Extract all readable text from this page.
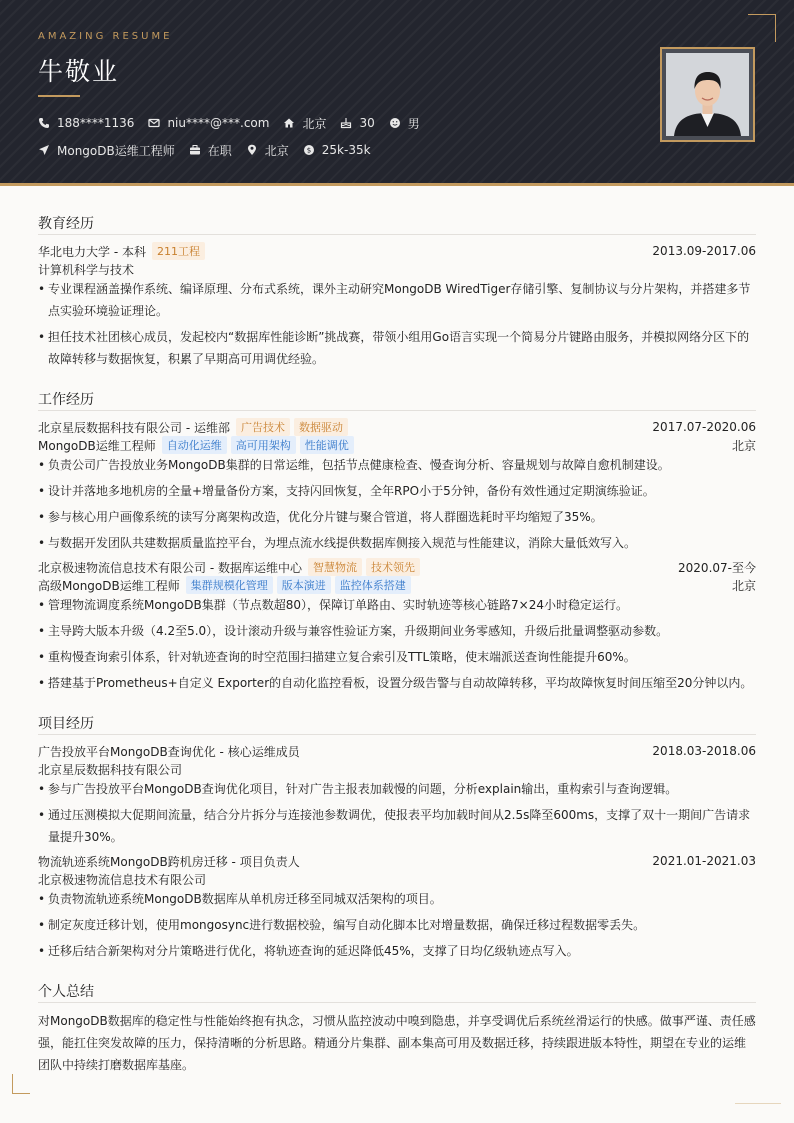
AMAZING RESUME
牛敬业
188****1136	niu****@***.com	北京	30	男
MongoDB运维工程师	在职	北京	$ 25k-35k
教育经历
华北电力大学 - 本科	211工程	2013.09-2017.06
计算机科学与技术
• 专业课程涵盖操作系统、编译原理、分布式系统，课外主动研究MongoDB WiredTiger存储引擎、复制协议与分片架构，并搭建多节点实验环境验证理论。
• 担任技术社团核心成员，发起校内“数据库性能诊断”挑战赛，带领小组用Go语言实现一个简易分片键路由服务，并模拟网络分区下的故障转移与数据恢复，积累了早期高可用调优经验。
工作经历
北京星辰数据科技有限公司 - 运维部	广告技术	数据驱动	2017.07-2020.06
MongoDB运维工程师	自动化运维	高可用架构	性能调优	北京
• 负责公司广告投放业务MongoDB集群的日常运维，包括节点健康检查、慢查询分析、容量规划与故障自愈机制建设。
• 设计并落地多地机房的全量+增量备份方案，支持闪回恢复，全年RPO小于5分钟，备份有效性通过定期演练验证。
• 参与核心用户画像系统的读写分离架构改造，优化分片键与聚合管道，将人群圈选耗时平均缩短了35%。
• 与数据开发团队共建数据质量监控平台，为埋点流水线提供数据库侧接入规范与性能建议，消除大量低效写入。
北京极速物流信息技术有限公司 - 数据库运维中心	智慧物流	技术领先	2020.07-至今
高级MongoDB运维工程师	集群规模化管理	版本演进	监控体系搭建	北京
• 管理物流调度系统MongoDB集群（节点数超80），保障订单路由、实时轨迹等核心链路7×24小时稳定运行。
• 主导跨大版本升级（4.2至5.0），设计滚动升级与兼容性验证方案，升级期间业务零感知，升级后批量调整驱动参数。
• 重构慢查询索引体系，针对轨迹查询的时空范围扫描建立复合索引及TTL策略，使末端派送查询性能提升60%。
• 搭建基于Prometheus+自定义 Exporter的自动化监控看板，设置分级告警与自动故障转移，平均故障恢复时间压缩至20分钟以内。
项目经历
广告投放平台MongoDB查询优化 - 核心运维成员	2018.03-2018.06
北京星辰数据科技有限公司
• 参与广告投放平台MongoDB查询优化项目，针对广告主报表加载慢的问题，分析explain输出，重构索引与查询逻辑。
• 通过压测模拟大促期间流量，结合分片拆分与连接池参数调优，使报表平均加载时间从2.5s降至600ms，支撑了双十一期间广告请求量提升30%。
物流轨迹系统MongoDB跨机房迁移 - 项目负责人	2021.01-2021.03
北京极速物流信息技术有限公司
• 负责物流轨迹系统MongoDB数据库从单机房迁移至同城双活架构的项目。
• 制定灰度迁移计划，使用mongosync进行数据校验，编写自动化脚本比对增量数据，确保迁移过程数据零丢失。
• 迁移后结合新架构对分片策略进行优化，将轨迹查询的延迟降低45%，支撑了日均亿级轨迹点写入。
个人总结
对MongoDB数据库的稳定性与性能始终抱有执念，习惯从监控波动中嗅到隐患，并享受调优后系统丝滑运行的快感。做事严谨、责任感强，能扛住突发故障的压力，保持清晰的分析思路。精通分片集群、副本集高可用及数据迁移，持续跟进版本特性，期望在专业的运维团队中持续打磨数据库基座。
